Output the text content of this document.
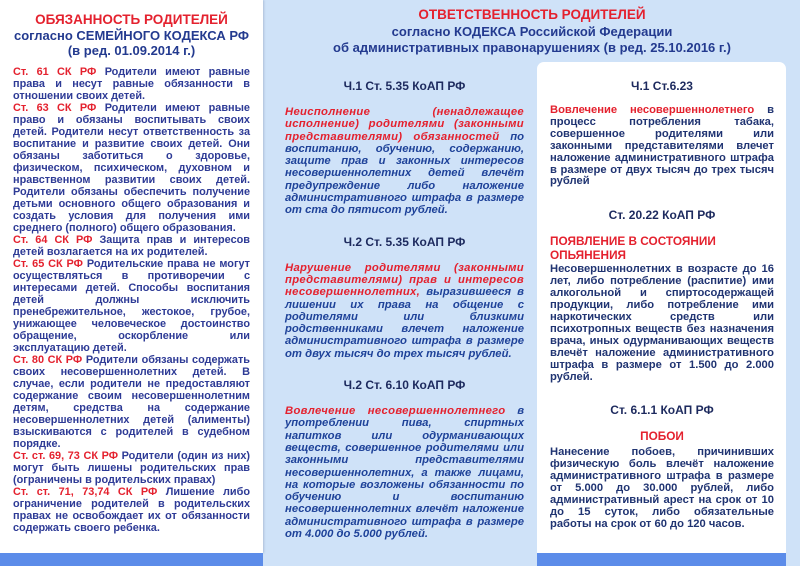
ОБЯЗАННОСТЬ РОДИТЕЛЕЙ
согласно СЕМЕЙНОГО КОДЕКСА РФ
(в ред. 01.09.2014 г.)

Ст. 61 СК РФ Родители имеют равные права и несут равные обязанности в отношении своих детей.

Ст. 63 СК РФ Родители имеют равные право и обязаны воспитывать своих детей. Родители несут ответственность за воспитание и развитие своих детей. Они обязаны заботиться о здоровье, физическом, психическом, духовном и нравственном развитии своих детей. Родители обязаны обеспечить получение детьми основного общего образования и создать условия для получения ими среднего (полного) общего образования.

Ст. 64 СК РФ Защита прав и интересов детей возлагается на их родителей.

Ст. 65 СК РФ Родительские права не могут осуществляться в противоречии с интересами детей. Способы воспитания детей должны исключить пренебрежительное, жестокое, грубое, унижающее человеческое достоинство обращение, оскорбление или эксплуатацию детей.

Ст. 80 СК РФ Родители обязаны содержать своих несовершеннолетних детей. В случае, если родители не предоставляют содержание своим несовершеннолетним детям, средства на содержание несовершеннолетних детей (алименты) взыскиваются с родителей в судебном порядке.

Ст. ст. 69, 73 СК РФ Родители (один из них) могут быть лишены родительских прав (ограничены в родительских правах)

Ст. ст. 71, 73,74 СК РФ Лишение либо ограничение родителей в родительских правах не освобождает их от обязанности содержать своего ребенка.

ОТВЕТСТВЕННОСТЬ РОДИТЕЛЕЙ
согласно КОДЕКСА Российской Федерации
об административных правонарушениях (в ред. 25.10.2016 г.)
Ч.1 Ст. 5.35 КоАП РФ

Неисполнение (ненадлежащее исполнение) родителями (законными представителями) обязанностей по воспитанию, обучению, содержанию, защите прав и законных интересов несовершеннолетних детей влечёт предупреждение либо наложение административного штрафа в размере от ста до пятисот рублей.

Ч.2 Ст. 5.35 КоАП РФ

Нарушение родителями (законными представителями) прав и интересов несовершеннолетних, выразившееся в лишении их права на общение с родителями или близкими родственниками влечет наложение административного штрафа в размере от двух тысяч до трех тысяч рублей.

Ч.2 Ст. 6.10 КоАП РФ

Вовлечение несовершеннолетнего в употреблении пива, спиртных напитков или одурманивающих веществ, совершенное родителями или законными представителями несовершеннолетних, а также лицами, на которые возложены обязанности по обучению и воспитанию несовершеннолетних влечёт наложение административного штрафа в размере от 4.000 до 5.000 рублей.

Ч.1 Ст.6.23

Вовлечение несовершеннолетнего в процесс потребления табака, совершенное родителями или законными представителями влечет наложение административного штрафа в размере от двух тысяч до трех тысяч рублей

Ст. 20.22 КоАП РФ
ПОЯВЛЕНИЕ В СОСТОЯНИИ ОПЬЯНЕНИЯ

Несовершеннолетних в возрасте до 16 лет, либо потребление (распитие) ими алкогольной и спиртосодержащей продукции, либо потребление ими наркотических средств или психотропных веществ без назначения врача, иных одурманивающих веществ влечёт наложение административного штрафа в размере от 1.500 до 2.000 рублей.

Ст. 6.1.1 КоАП РФ
ПОБОИ

Нанесение побоев, причинивших физическую боль влечёт наложение административного штрафа в размере от 5.000 до 30.000 рублей, либо административный арест на срок от 10 до 15 суток, либо обязательные работы на срок от 60 до 120 часов.
